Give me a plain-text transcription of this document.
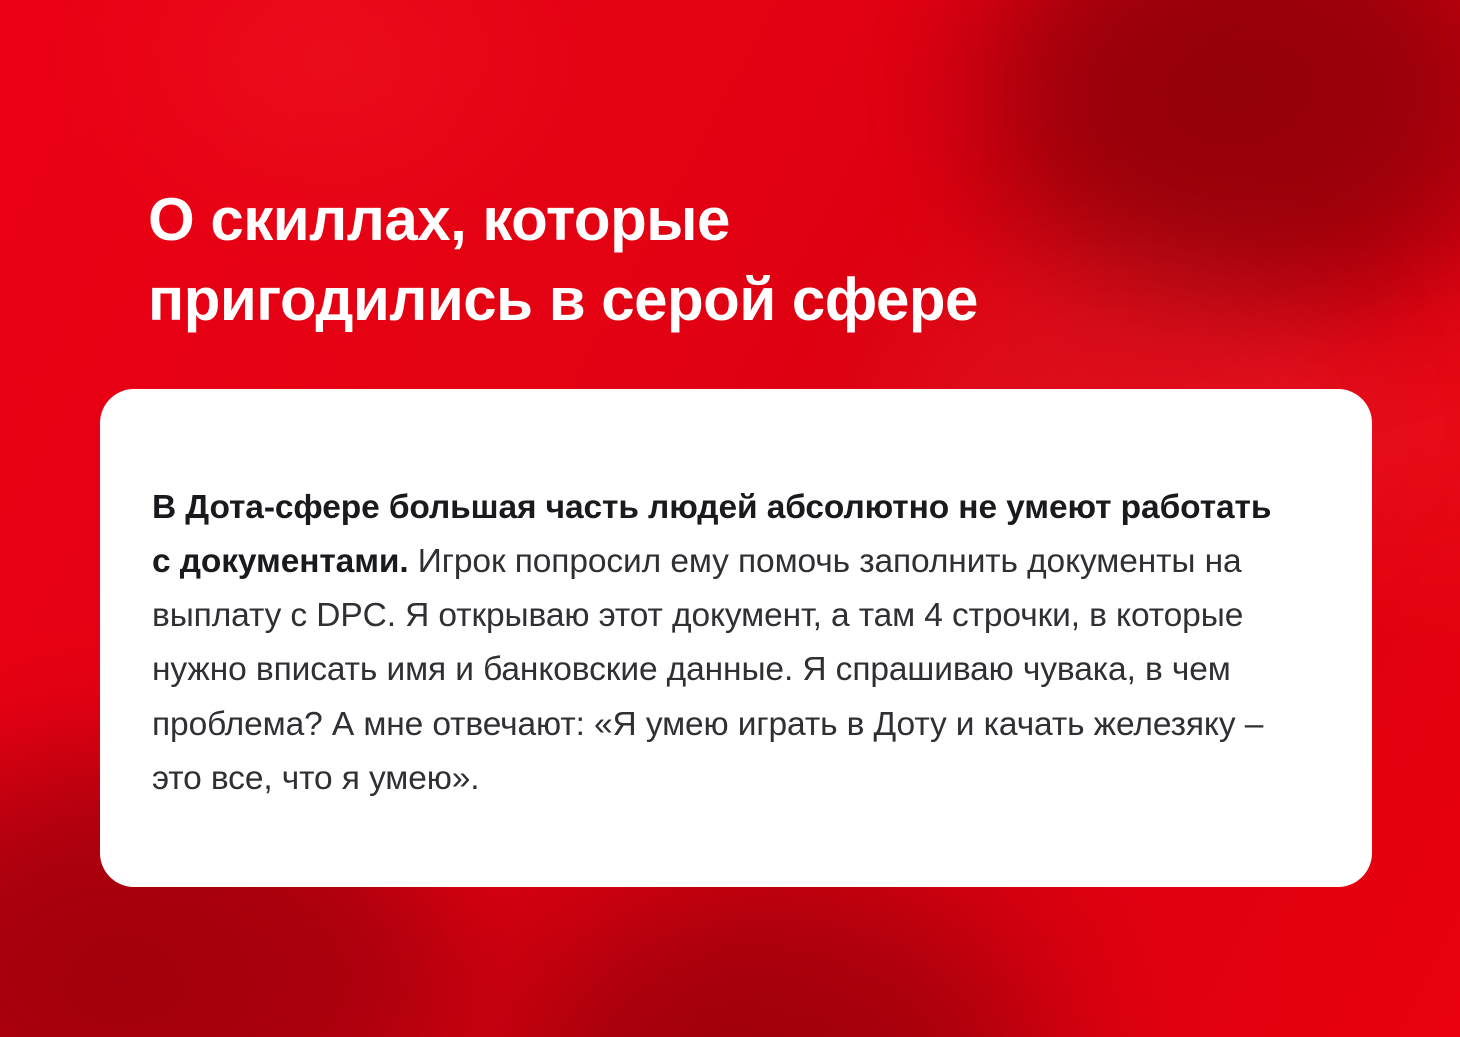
О скиллах, которые
пригодились в серой сфере

В Дота-сфере большая часть людей абсолютно не умеют работать с документами. Игрок попросил ему помочь заполнить документы на выплату с DPC. Я открываю этот документ, а там 4 строчки, в которые нужно вписать имя и банковские данные. Я спрашиваю чувака, в чем проблема? А мне отвечают: «Я умею играть в Доту и качать железяку – это все, что я умею».
